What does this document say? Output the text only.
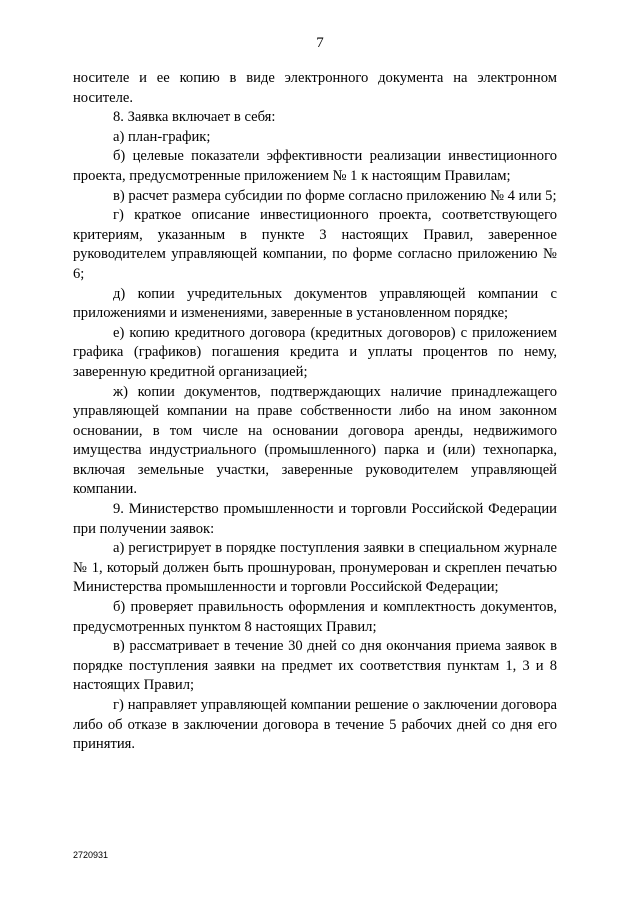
7

носителе и ее копию в виде электронного документа на электронном носителе.

8. Заявка включает в себя:

а) план-график;

б) целевые показатели эффективности реализации инвестиционного проекта, предусмотренные приложением № 1 к настоящим Правилам;

в) расчет размера субсидии по форме согласно приложению № 4 или 5;

г) краткое описание инвестиционного проекта, соответствующего критериям, указанным в пункте 3 настоящих Правил, заверенное руководителем управляющей компании, по форме согласно приложению № 6;

д) копии учредительных документов управляющей компании с приложениями и изменениями, заверенные в установленном порядке;

е) копию кредитного договора (кредитных договоров) с приложением графика (графиков) погашения кредита и уплаты процентов по нему, заверенную кредитной организацией;

ж) копии документов, подтверждающих наличие принадлежащего управляющей компании на праве собственности либо на ином законном основании, в том числе на основании договора аренды, недвижимого имущества индустриального (промышленного) парка и (или) технопарка, включая земельные участки, заверенные руководителем управляющей компании.

9. Министерство промышленности и торговли Российской Федерации при получении заявок:

а) регистрирует в порядке поступления заявки в специальном журнале № 1, который должен быть прошнурован, пронумерован и скреплен печатью Министерства промышленности и торговли Российской Федерации;

б) проверяет правильность оформления и комплектность документов, предусмотренных пунктом 8 настоящих Правил;

в) рассматривает в течение 30 дней со дня окончания приема заявок в порядке поступления заявки на предмет их соответствия пунктам 1, 3 и 8 настоящих Правил;

г) направляет управляющей компании решение о заключении договора либо об отказе в заключении договора в течение 5 рабочих дней со дня его принятия.

2720931
